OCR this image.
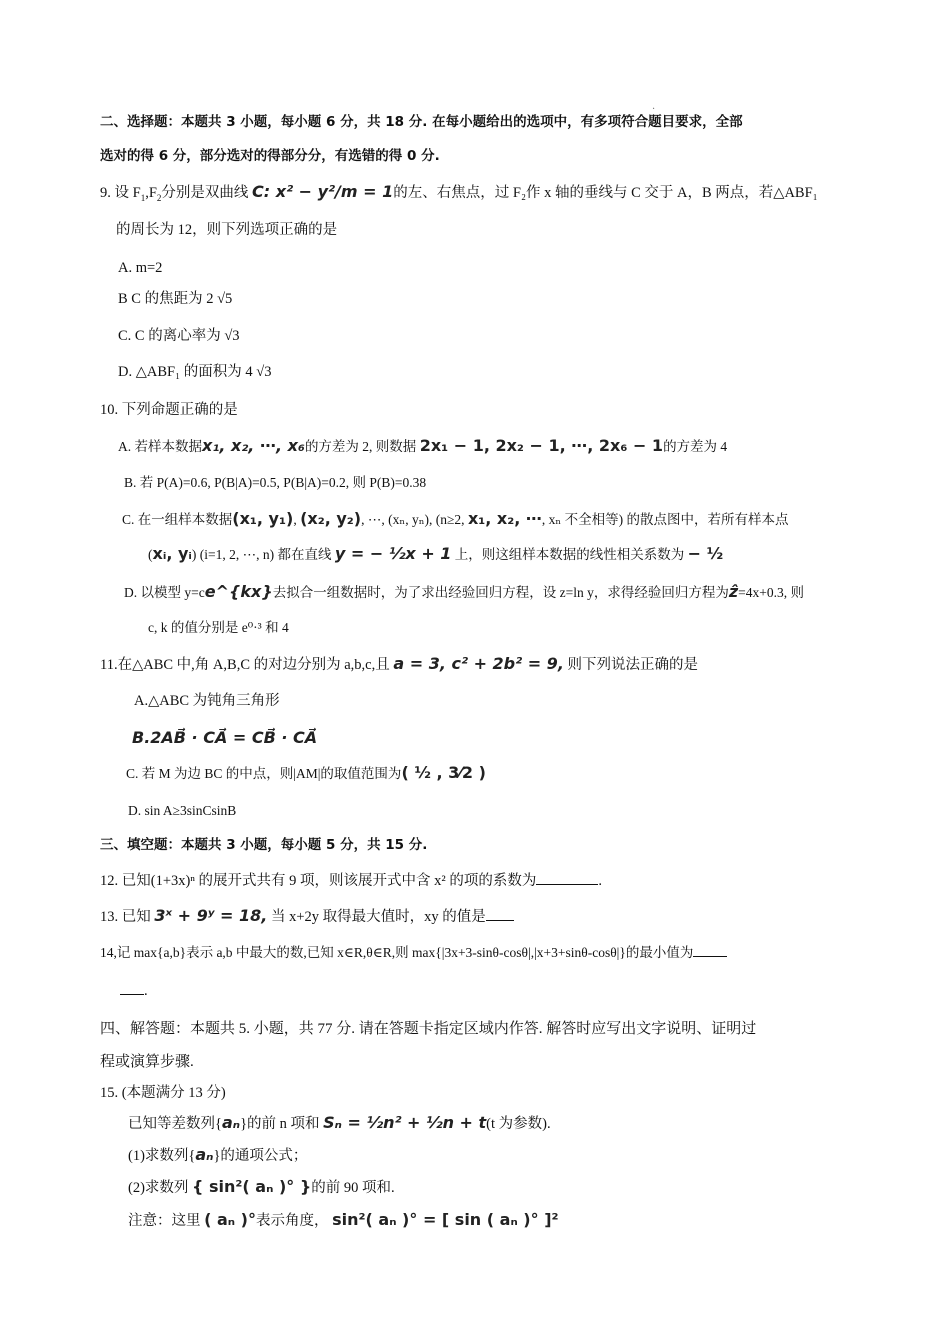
·
二、选择题：本题共 3 小题，每小题 6 分，共 18 分. 在每小题给出的选项中，有多项符合题目要求，全部
选对的得 6 分，部分选对的得部分分，有选错的得 0 分.
9. 设 $F_1,F_2$分别是双曲线 C: x² − y²/m = 1的左、右焦点，过 F₂作 x 轴的垂线与 C 交于 A，B 两点，若△ABF₁
的周长为 12，则下列选项正确的是
A. m=2
B C 的焦距为 2 √5
C. C 的离心率为 √3
D. △ABF₁ 的面积为 4 √3
10. 下列命题正确的是
A. 若样本数据x₁, x₂, ⋯, x₆的方差为 2, 则数据 2x₁ − 1, 2x₂ − 1, ⋯, 2x₆ − 1的方差为 4
B. 若 P(A)=0.6, P(B|A)=0.5, P(B|A)=0.2, 则 P(B)=0.38
C. 在一组样本数据(x₁, y₁), (x₂, y₂), ⋯, (xₙ, yₙ), (n≥2, x₁, x₂, ⋯, xₙ 不全相等) 的散点图中，若所有样本点
(xᵢ, yᵢ) (i=1, 2, ⋯, n) 都在直线 y = − ½x + 1 上，则这组样本数据的线性相关系数为 − ½
D. 以模型 y=ce^{kx}去拟合一组数据时，为了求出经验回归方程，设 z=ln y，求得经验回归方程为ẑ=4x+0.3, 则
c, k 的值分别是 e⁰·³ 和 4
11.在△ABC 中,角 A,B,C 的对边分别为 a,b,c,且 a = 3, c² + 2b² = 9, 则下列说法正确的是
A.△ABC 为钝角三角形
B.2AB⃗ · CA⃗ = CB⃗ · CA⃗
C. 若 M 为边 BC 的中点，则|AM|的取值范围为( ½ , 3⁄2 )
D. sin A≥3sinCsinB
三、填空题：本题共 3 小题，每小题 5 分，共 15 分.
12. 已知(1+3x)ⁿ 的展开式共有 9 项，则该展开式中含 x² 的项的系数为	.
13. 已知 3ˣ + 9ʸ = 18, 当 x+2y 取得最大值时，xy 的值是
14,记 max{a,b}表示 a,b 中最大的数,已知 x∈R,θ∈R,则 max{|3x+3-sinθ-cosθ|,|x+3+sinθ-cosθ|}的最小值为
.
四、解答题：本题共 5. 小题，共 77 分. 请在答题卡指定区域内作答. 解答时应写出文字说明、证明过
程或演算步骤.
15. (本题满分 13 分)
已知等差数列{aₙ}的前 n 项和 Sₙ = ½n² + ½n + t(t 为参数).
(1)求数列{aₙ}的通项公式；
(2)求数列 { sin²( aₙ )° }的前 90 项和.
注意：这里 ( aₙ )°表示角度， sin²( aₙ )° = [ sin ( aₙ )° ]²
